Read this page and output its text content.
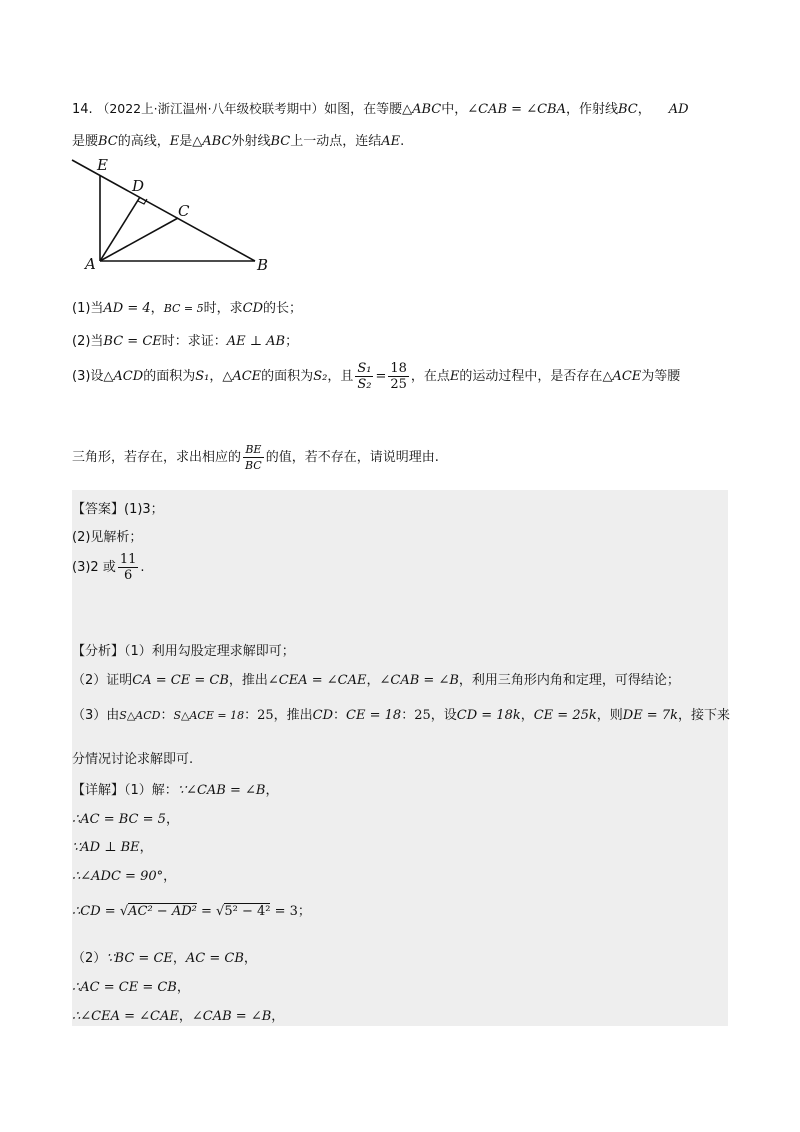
14. （2022上·浙江温州·八年级校联考期中）如图，在等腰△ABC中，∠CAB = ∠CBA，作射线BC， AD
是腰BC的高线，E是△ABC外射线BC上一动点，连结AE.
E
D
C
A	B
(1)当AD = 4，BC = 5时，求CD的长；
(2)当BC = CE时：求证：AE ⊥ AB；
(3)设△ACD的面积为S₁，△ACE的面积为S₂，且 $\frac{\text{S₁}}{\text{S₂}} = \frac{18}{25}$ ，在点E的运动过程中，是否存在△ACE为等腰
三角形，若存在，求出相应的 $\frac{BE}{BC}$ 的值，若不存在，请说明理由.
【答案】(1)3；
(2)见解析；
(3)2 或 $\frac{11}{6}$ .
【分析】（1）利用勾股定理求解即可；
（2）证明CA = CE = CB，推出∠CEA = ∠CAE，∠CAB = ∠B，利用三角形内角和定理，可得结论；
（3）由S△ACD：S△ACE = 18：25，推出CD：CE = 18：25，设CD = 18k，CE = 25k，则DE = 7k，接下来
分情况讨论求解即可.
【详解】（1）解：∵∠CAB = ∠B，
∴AC = BC = 5，
∵AD ⊥ BE，
∴∠ADC = 90°，
∴CD = √AC² − AD² = √5² − 4² = 3；
（2）∵BC = CE，AC = CB，
∴AC = CE = CB，
∴∠CEA = ∠CAE，∠CAB = ∠B，
